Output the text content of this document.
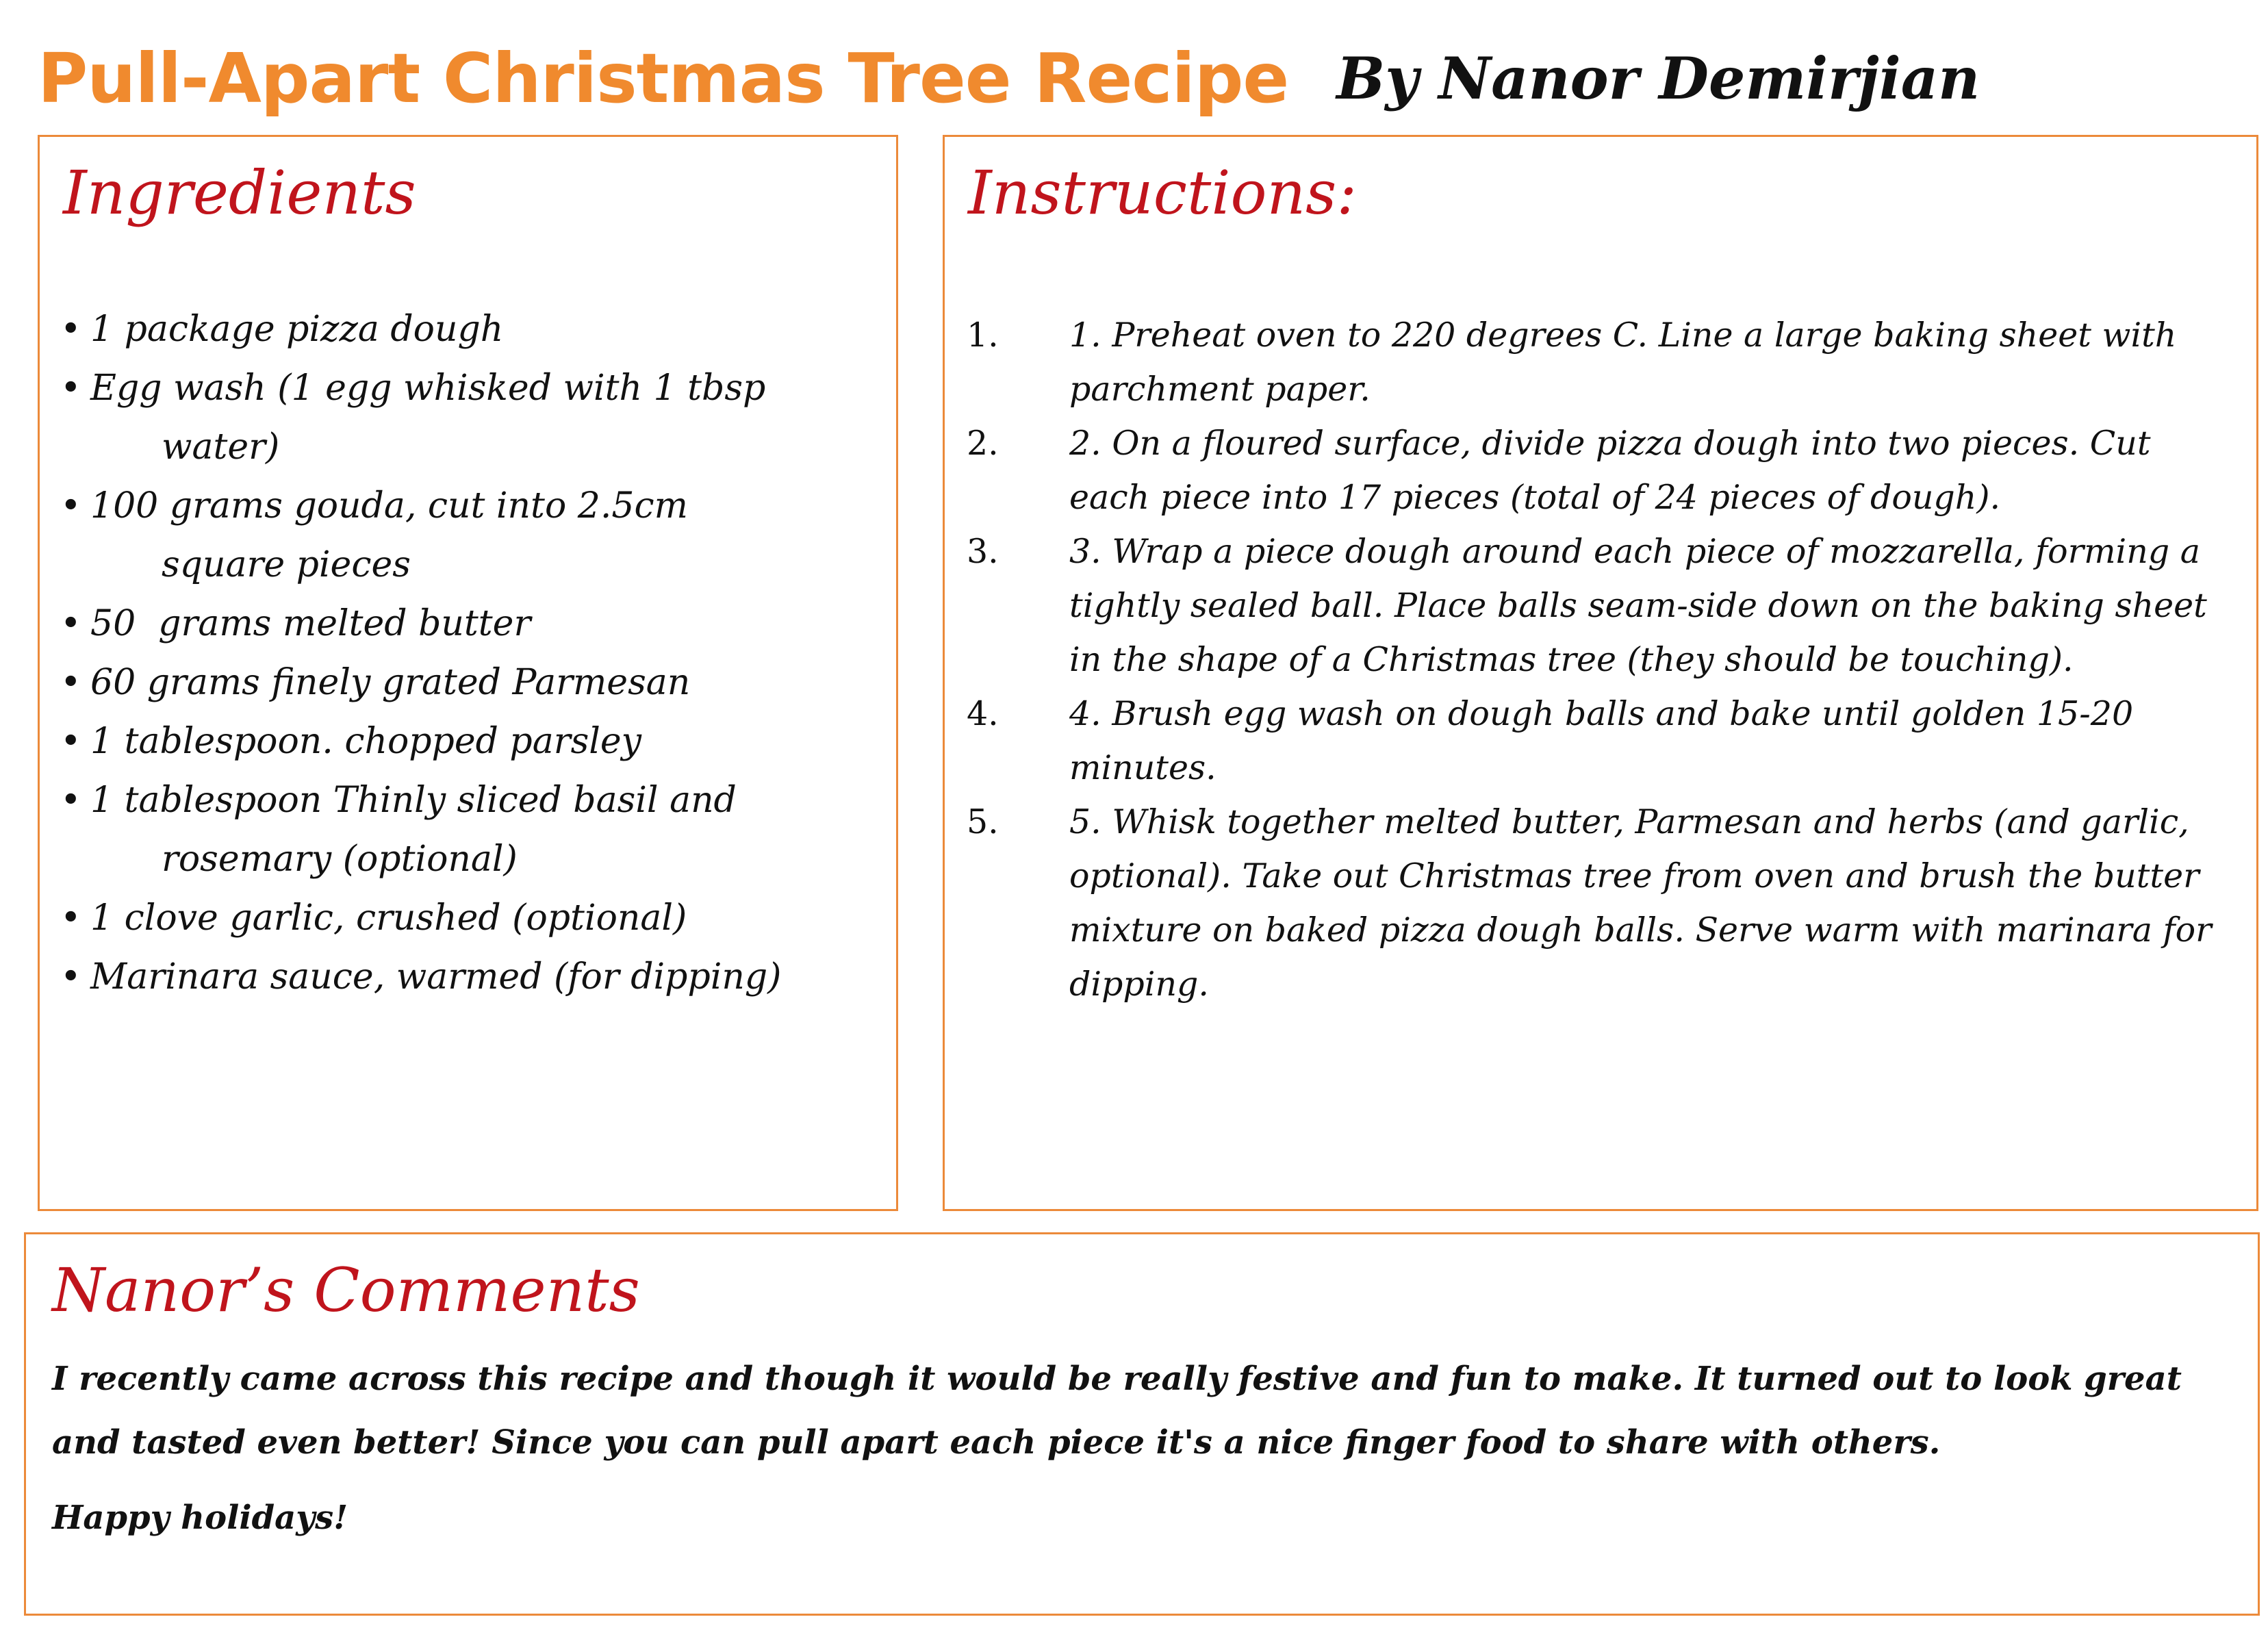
Pull-Apart Christmas Tree Recipe By Nanor Demirjian
Ingredients
• 1 package pizza dough
• Egg wash (1 egg whisked with 1 tbsp
water)
• 100 grams gouda, cut into 2.5cm
square pieces
• 50  grams melted butter
• 60 grams finely grated Parmesan
• 1 tablespoon. chopped parsley
• 1 tablespoon Thinly sliced basil and
rosemary (optional)
• 1 clove garlic, crushed (optional)
• Marinara sauce, warmed (for dipping)
Instructions:
1. 1. Preheat oven to 220 degrees C. Line a large baking sheet with parchment paper.
2. 2. On a floured surface, divide pizza dough into two pieces. Cut each piece into 17 pieces (total of 24 pieces of dough).
3. 3. Wrap a piece dough around each piece of mozzarella, forming a tightly sealed ball. Place balls seam-side down on the baking sheet in the shape of a Christmas tree (they should be touching).
4. 4. Brush egg wash on dough balls and bake until golden 15-20 minutes.
5. 5. Whisk together melted butter, Parmesan and herbs (and garlic, optional). Take out Christmas tree from oven and brush the butter mixture on baked pizza dough balls. Serve warm with marinara for dipping.
Nanor’s Comments

I recently came across this recipe and though it would be really festive and fun to make. It turned out to look great and tasted even better! Since you can pull apart each piece it's a nice finger food to share with others.

Happy holidays!
